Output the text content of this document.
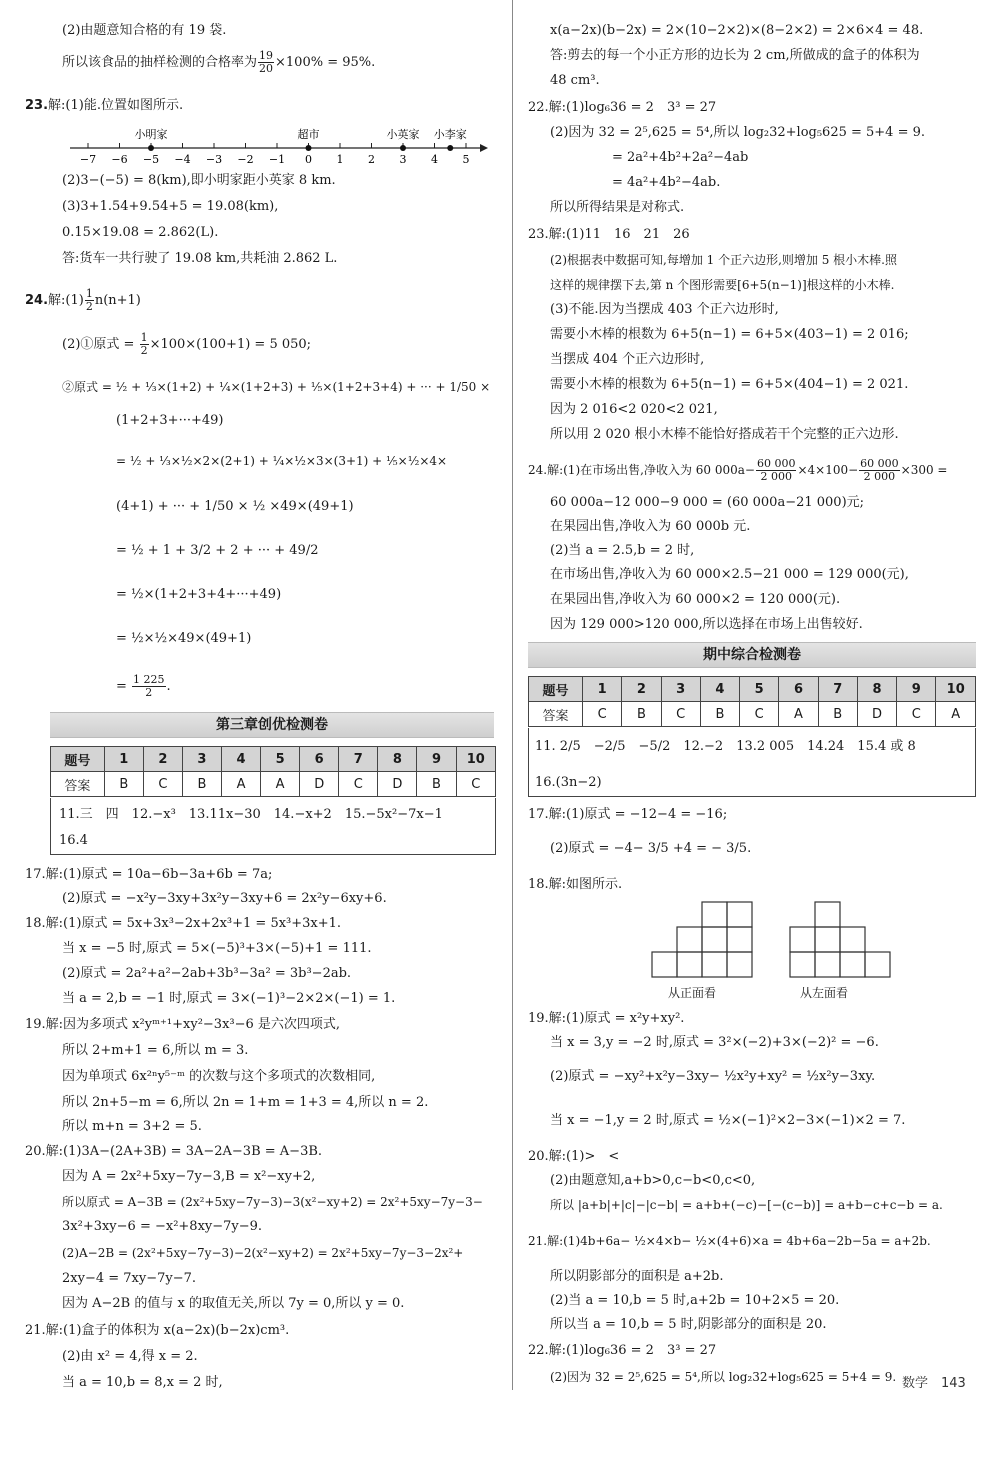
(2)由题意知合格的有 19 袋.
所以该食品的抽样检测的合格率为 $\frac{19}{20} \times 100\% = 95\%$.
23.解:(1)能.位置如图所示.
−7 −6 −5 −4 −3 −2 −1 0 1 2 3 4 5
小明家	超市	小英家 小李家
(2)3−(−5) = 8(km),即小明家距小英家 8 km.
(3)3+1.54+9.54+5 = 19.08(km),
0.15×19.08 = 2.862(L).
答:货车一共行驶了 19.08 km,共耗油 2.862 L.
24.解:(1) $\frac{1}{2} n(n+1)$
(2)①原式 = $\frac{1}{2} \times 100\times(100+1) = 5$ 050;
②原式 = ½ + ⅓×(1+2) + ¼×(1+2+3) + ⅕×(1+2+3+4) + ··· + 1/50 ×
(1+2+3+···+49)
= ½ + ⅓×½×2×(2+1) + ¼×½×3×(3+1) + ⅕×½×4×
(4+1) + ··· + 1/50 × ½ ×49×(49+1)
= ½ + 1 + 3/2 + 2 + ··· + 49/2
= ½×(1+2+3+4+···+49)
= ½×½×49×(49+1)
= $\frac{1 225}{2}$ .
第三章创优检测卷
题号	1	2	3	4	5	6	7	8	9	10
答案	B	C	B	A	A	D	C	D	B	C
11.三　四　12.−x³　13.11x−30　14.−x+2　15.−5x²−7x−1
16.4
17.解:(1)原式 = 10a−6b−3a+6b = 7a;
(2)原式 = −x²y−3xy+3x²y−3xy+6 = 2x²y−6xy+6.
18.解:(1)原式 = 5x+3x³−2x+2x³+1 = 5x³+3x+1.
当 x = −5 时,原式 = 5×(−5)³+3×(−5)+1 = 111.
(2)原式 = 2a²+a²−2ab+3b³−3a² = 3b³−2ab.
当 a = 2,b = −1 时,原式 = 3×(−1)³−2×2×(−1) = 1.
19.解:因为多项式 x²yᵐ⁺¹+xy²−3x³−6 是六次四项式,
所以 2+m+1 = 6,所以 m = 3.
因为单项式 6x²ⁿy⁵⁻ᵐ 的次数与这个多项式的次数相同,
所以 2n+5−m = 6,所以 2n = 1+m = 1+3 = 4,所以 n = 2.
所以 m+n = 3+2 = 5.
20.解:(1)3A−(2A+3B) = 3A−2A−3B = A−3B.
因为 A = 2x²+5xy−7y−3,B = x²−xy+2,
所以原式 = A−3B = (2x²+5xy−7y−3)−3(x²−xy+2) = 2x²+5xy−7y−3−
3x²+3xy−6 = −x²+8xy−7y−9.
(2)A−2B = (2x²+5xy−7y−3)−2(x²−xy+2) = 2x²+5xy−7y−3−2x²+
2xy−4 = 7xy−7y−7.
因为 A−2B 的值与 x 的取值无关,所以 7y = 0,所以 y = 0.
21.解:(1)盒子的体积为 x(a−2x)(b−2x)cm³.
(2)由 x² = 4,得 x = 2.
当 a = 10,b = 8,x = 2 时,
x(a−2x)(b−2x) = 2×(10−2×2)×(8−2×2) = 2×6×4 = 48.
答:剪去的每一个小正方形的边长为 2 cm,所做成的盒子的体积为
48 cm³.
22.解:(1)log₆36 = 2　3³ = 27
(2)因为 32 = 2⁵,625 = 5⁴,所以 log₂32+log₅625 = 5+4 = 9.
= 2a²+4b²+2a²−4ab
= 4a²+4b²−4ab.
所以所得结果是对称式.
23.解:(1)11　16　21　26
(2)根据表中数据可知,每增加 1 个正六边形,则增加 5 根小木棒.照
这样的规律摆下去,第 n 个图形需要[6+5(n−1)]根这样的小木棒.
(3)不能.因为当摆成 403 个正六边形时,
需要小木棒的根数为 6+5(n−1) = 6+5×(403−1) = 2 016;
当摆成 404 个正六边形时,
需要小木棒的根数为 6+5(n−1) = 6+5×(404−1) = 2 021.
因为 2 016<2 020<2 021,
所以用 2 020 根小木棒不能恰好搭成若干个完整的正六边形.
24.解:(1)在市场出售,净收入为 60 $000a- \frac{60 000}{2 000} \times 4\times 100- \frac{60 000}{2 000} \times 300$ =
60 000a−12 000−9 000 = (60 000a−21 000)元;
在果园出售,净收入为 60 000b 元.
(2)当 a = 2.5,b = 2 时,
在市场出售,净收入为 60 000×2.5−21 000 = 129 000(元),
在果园出售,净收入为 60 000×2 = 120 000(元).
因为 129 000>120 000,所以选择在市场上出售较好.
期中综合检测卷
题号	1	2	3	4	5	6	7	8	9	10
答案	C	B	C	B	C	A	B	D	C	A
11. 2/5　−2/5　−5/2　12.−2　13.2 005　14.24　15.4 或 8
16.(3n−2)
17.解:(1)原式 = −12−4 = −16;
(2)原式 = −4− 3/5 +4 = − 3/5.
18.解:如图所示.
从正面看	从左面看
19.解:(1)原式 = x²y+xy².
当 x = 3,y = −2 时,原式 = 3²×(−2)+3×(−2)² = −6.
(2)原式 = −xy²+x²y−3xy− ½x²y+xy² = ½x²y−3xy.
当 x = −1,y = 2 时,原式 = ½×(−1)²×2−3×(−1)×2 = 7.
20.解:(1)>　<
(2)由题意知,a+b>0,c−b<0,c<0,
所以 |a+b|+|c|−|c−b| = a+b+(−c)−[−(c−b)] = a+b−c+c−b = a.
21.解:(1)4b+6a− ½×4×b− ½×(4+6)×a = 4b+6a−2b−5a = a+2b.
所以阴影部分的面积是 a+2b.
(2)当 a = 10,b = 5 时,a+2b = 10+2×5 = 20.
所以当 a = 10,b = 5 时,阴影部分的面积是 20.
22.解:(1)log₆36 = 2　3³ = 27
(2)因为 32 = 2⁵,625 = 5⁴,所以 log₂32+log₅625 = 5+4 = 9. 数学　143
